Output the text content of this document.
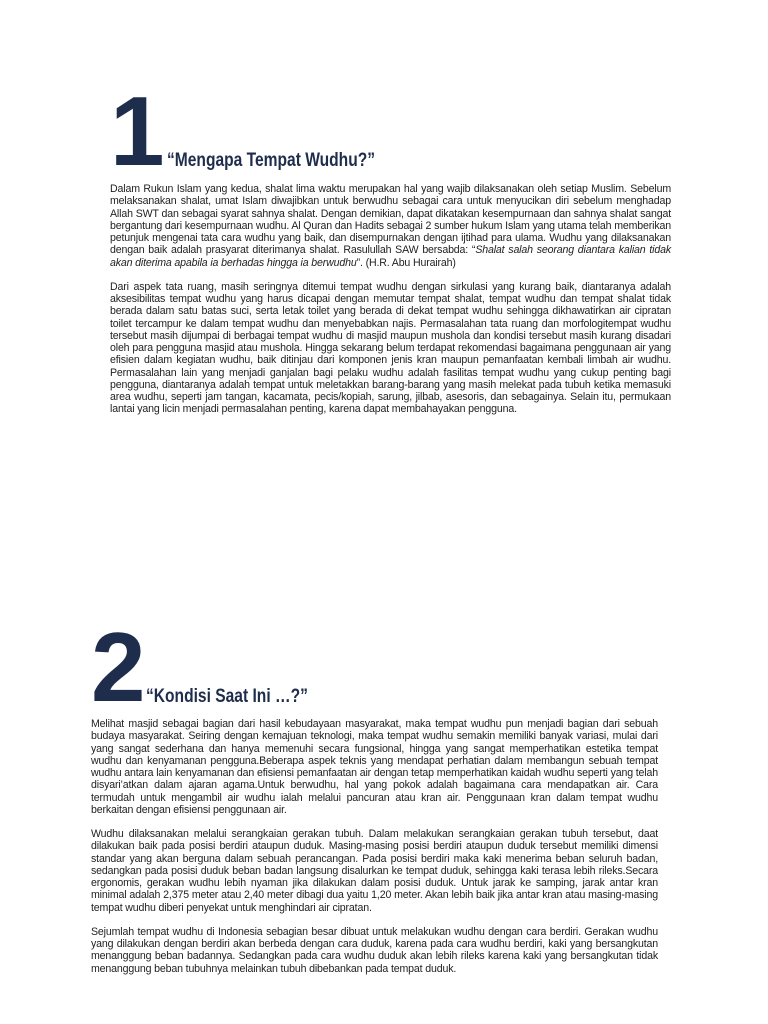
1 “Mengapa Tempat Wudhu?”

Dalam Rukun Islam yang kedua, shalat lima waktu merupakan hal yang wajib dilaksanakan oleh setiap Muslim. Sebelum melaksanakan shalat, umat Islam diwajibkan untuk berwudhu sebagai cara untuk menyucikan diri sebelum menghadap Allah SWT dan sebagai syarat sahnya shalat. Dengan demikian, dapat dikatakan kesempurnaan dan sahnya shalat sangat bergantung dari kesempurnaan wudhu. Al Quran dan Hadits sebagai 2 sumber hukum Islam yang utama telah memberikan petunjuk mengenai tata cara wudhu yang baik, dan disempurnakan dengan ijtihad para ulama. Wudhu yang dilaksanakan dengan baik adalah prasyarat diterimanya shalat. Rasulullah SAW bersabda: “Shalat salah seorang diantara kalian tidak akan diterima apabila ia berhadas hingga ia berwudhu”. (H.R. Abu Hurairah)

Dari aspek tata ruang, masih seringnya ditemui tempat wudhu dengan sirkulasi yang kurang baik, diantaranya adalah aksesibilitas tempat wudhu yang harus dicapai dengan memutar tempat shalat, tempat wudhu dan tempat shalat tidak berada dalam satu batas suci, serta letak toilet yang berada di dekat tempat wudhu sehingga dikhawatirkan air cipratan toilet tercampur ke dalam tempat wudhu dan menyebabkan najis. Permasalahan tata ruang dan morfologitempat wudhu tersebut masih dijumpai di berbagai tempat wudhu di masjid maupun mushola dan kondisi tersebut masih kurang disadari oleh para pengguna masjid atau mushola. Hingga sekarang belum terdapat rekomendasi bagaimana penggunaan air yang efisien dalam kegiatan wudhu, baik ditinjau dari komponen jenis kran maupun pemanfaatan kembali limbah air wudhu. Permasalahan lain yang menjadi ganjalan bagi pelaku wudhu adalah fasilitas tempat wudhu yang cukup penting bagi pengguna, diantaranya adalah tempat untuk meletakkan barang-barang yang masih melekat pada tubuh ketika memasuki area wudhu, seperti jam tangan, kacamata, pecis/kopiah, sarung, jilbab, asesoris, dan sebagainya. Selain itu, permukaan lantai yang licin menjadi permasalahan penting, karena dapat membahayakan pengguna.

2 “Kondisi Saat Ini …?”

Melihat masjid sebagai bagian dari hasil kebudayaan masyarakat, maka tempat wudhu pun menjadi bagian dari sebuah budaya masyarakat. Seiring dengan kemajuan teknologi, maka tempat wudhu semakin memiliki banyak variasi, mulai dari yang sangat sederhana dan hanya memenuhi secara fungsional, hingga yang sangat memperhatikan estetika tempat wudhu dan kenyamanan pengguna.Beberapa aspek teknis yang mendapat perhatian dalam membangun sebuah tempat wudhu antara lain kenyamanan dan efisiensi pemanfaatan air dengan tetap memperhatikan kaidah wudhu seperti yang telah disyari’atkan dalam ajaran agama.Untuk berwudhu, hal yang pokok adalah bagaimana cara mendapatkan air. Cara termudah untuk mengambil air wudhu ialah melalui pancuran atau kran air. Penggunaan kran dalam tempat wudhu berkaitan dengan efisiensi penggunaan air.

Wudhu dilaksanakan melalui serangkaian gerakan tubuh. Dalam melakukan serangkaian gerakan tubuh tersebut, daat dilakukan baik pada posisi berdiri ataupun duduk. Masing-masing posisi berdiri ataupun duduk tersebut memiliki dimensi standar yang akan berguna dalam sebuah perancangan. Pada posisi berdiri maka kaki menerima beban seluruh badan, sedangkan pada posisi duduk beban badan langsung disalurkan ke tempat duduk, sehingga kaki terasa lebih rileks.Secara ergonomis, gerakan wudhu lebih nyaman jika dilakukan dalam posisi duduk. Untuk jarak ke samping, jarak antar kran minimal adalah 2,375 meter atau 2,40 meter dibagi dua yaitu 1,20 meter. Akan lebih baik jika antar kran atau masing-masing tempat wudhu diberi penyekat untuk menghindari air cipratan.

Sejumlah tempat wudhu di Indonesia sebagian besar dibuat untuk melakukan wudhu dengan cara berdiri. Gerakan wudhu yang dilakukan dengan berdiri akan berbeda dengan cara duduk, karena pada cara wudhu berdiri, kaki yang bersangkutan menanggung beban badannya. Sedangkan pada cara wudhu duduk akan lebih rileks karena kaki yang bersangkutan tidak menanggung beban tubuhnya melainkan tubuh dibebankan pada tempat duduk.
